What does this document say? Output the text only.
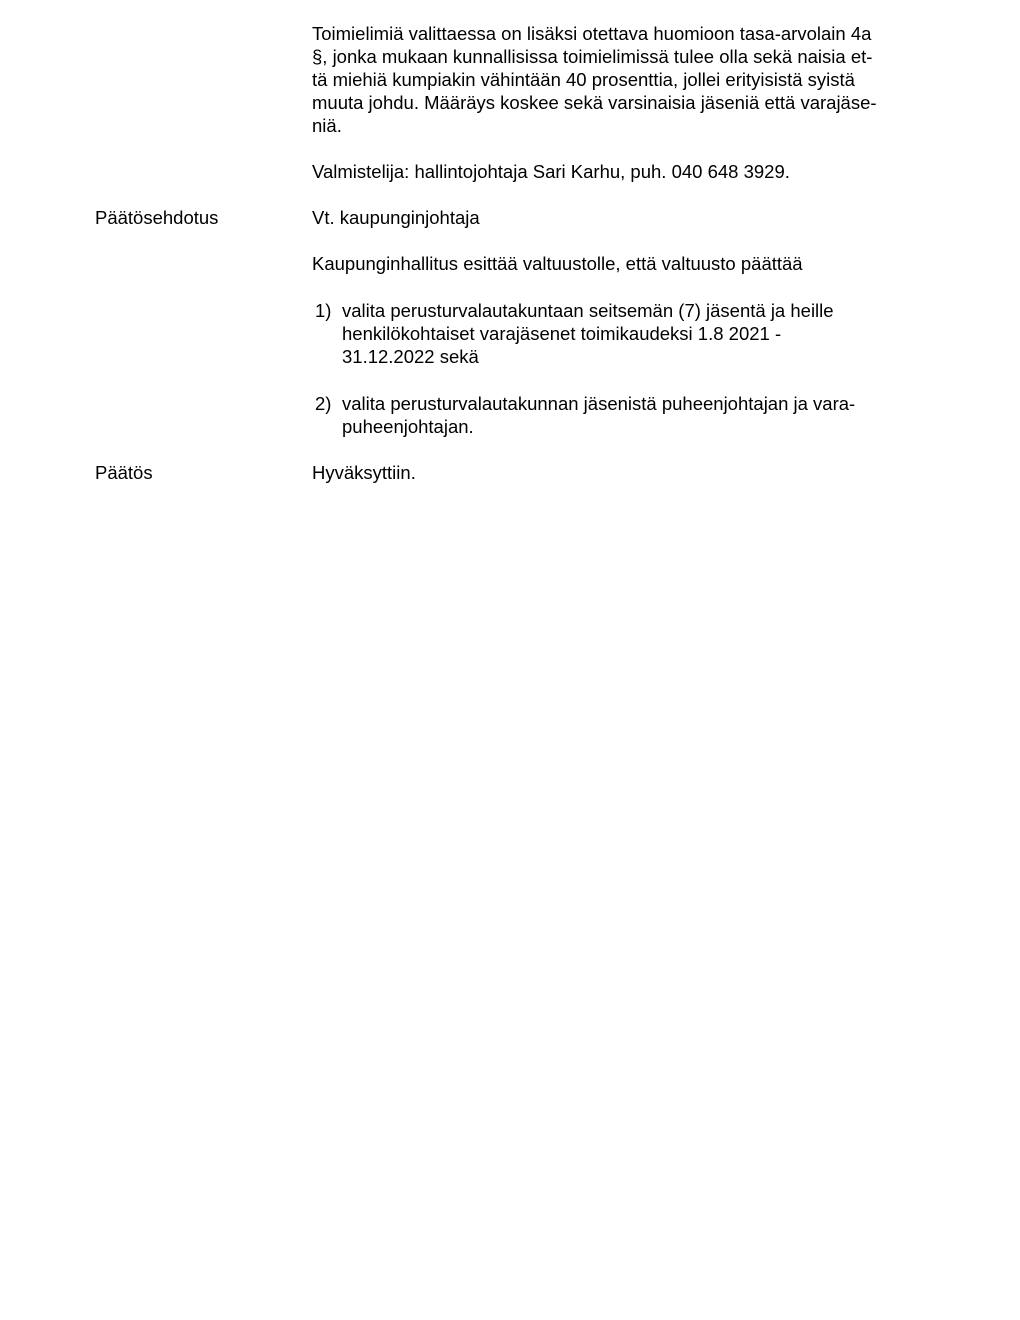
Toimielimiä valittaessa on lisäksi otettava huomioon tasa-arvolain 4a
§, jonka mukaan kunnallisissa toimielimissä tulee olla sekä naisia et-
tä miehiä kumpiakin vähintään 40 prosenttia, jollei erityisistä syistä
muuta johdu. Määräys koskee sekä varsinaisia jäseniä että varajäse-
niä.
Valmistelija: hallintojohtaja Sari Karhu, puh. 040 648 3929.
Päätösehdotus	Vt. kaupunginjohtaja
Kaupunginhallitus esittää valtuustolle, että valtuusto päättää
1) valita perusturvalautakuntaan seitsemän (7) jäsentä ja heille
henkilökohtaiset varajäsenet toimikaudeksi 1.8 2021 -
31.12.2022 sekä
2) valita perusturvalautakunnan jäsenistä puheenjohtajan ja vara-
puheenjohtajan.
Päätös	Hyväksyttiin.
